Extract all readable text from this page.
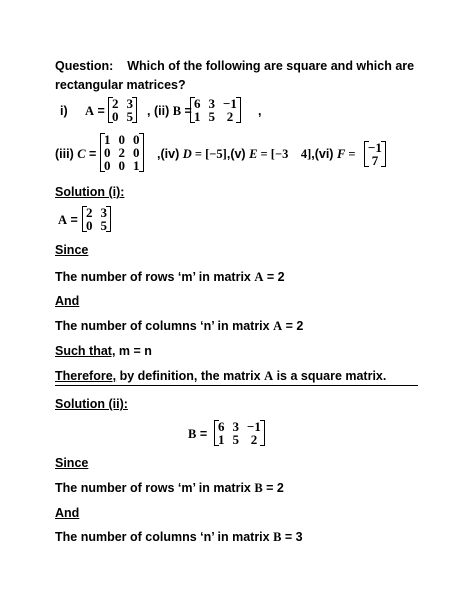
Question: Which of the following are square and which are
rectangular matrices?
i) A = 2	3
0	5 , (ii) B = 6	3	−1
1	5	2 ,
(iii) C =
1	0	0
0	2	0
0	0	1
,(iv) D = [−5],(v) E = [−3    4],(vi) F = −1
7
Solution (i):
A = 2	3
0	5
Since
The number of rows ‘m’ in matrix A = 2
And
The number of columns ‘n’ in matrix A = 2
Such that, m = n
Therefore, by definition, the matrix A is a square matrix.
Solution (ii):
B = 6	3	−1
1	5	2
Since
The number of rows ‘m’ in matrix B = 2
And
The number of columns ‘n’ in matrix B = 3
